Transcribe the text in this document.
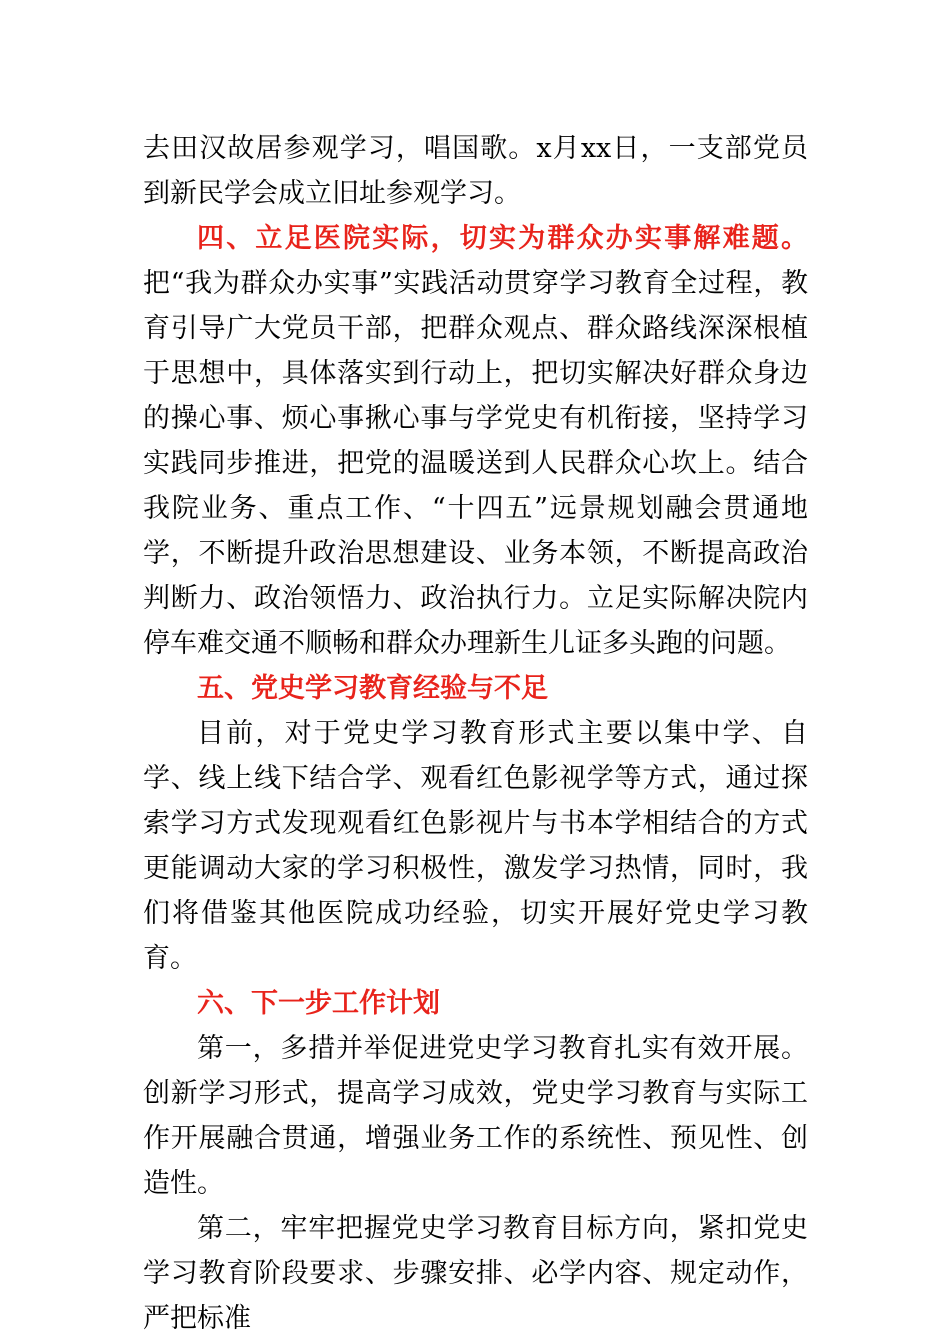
去田汉故居参观学习，唱国歌。x月xx日，一支部党员到新民学会成立旧址参观学习。

四、立足医院实际，切实为群众办实事解难题。把“我为群众办实事”实践活动贯穿学习教育全过程，教育引导广大党员干部，把群众观点、群众路线深深根植于思想中，具体落实到行动上，把切实解决好群众身边的操心事、烦心事揪心事与学党史有机衔接，坚持学习实践同步推进，把党的温暖送到人民群众心坎上。结合我院业务、重点工作、“十四五”远景规划融会贯通地学，不断提升政治思想建设、业务本领，不断提高政治判断力、政治领悟力、政治执行力。立足实际解决院内停车难交通不顺畅和群众办理新生儿证多头跑的问题。

五、党史学习教育经验与不足

目前，对于党史学习教育形式主要以集中学、自学、线上线下结合学、观看红色影视学等方式，通过探索学习方式发现观看红色影视片与书本学相结合的方式更能调动大家的学习积极性，激发学习热情，同时，我们将借鉴其他医院成功经验，切实开展好党史学习教育。

六、下一步工作计划

第一，多措并举促进党史学习教育扎实有效开展。创新学习形式，提高学习成效，党史学习教育与实际工作开展融合贯通，增强业务工作的系统性、预见性、创造性。

第二，牢牢把握党史学习教育目标方向，紧扣党史学习教育阶段要求、步骤安排、必学内容、规定动作，严把标准
